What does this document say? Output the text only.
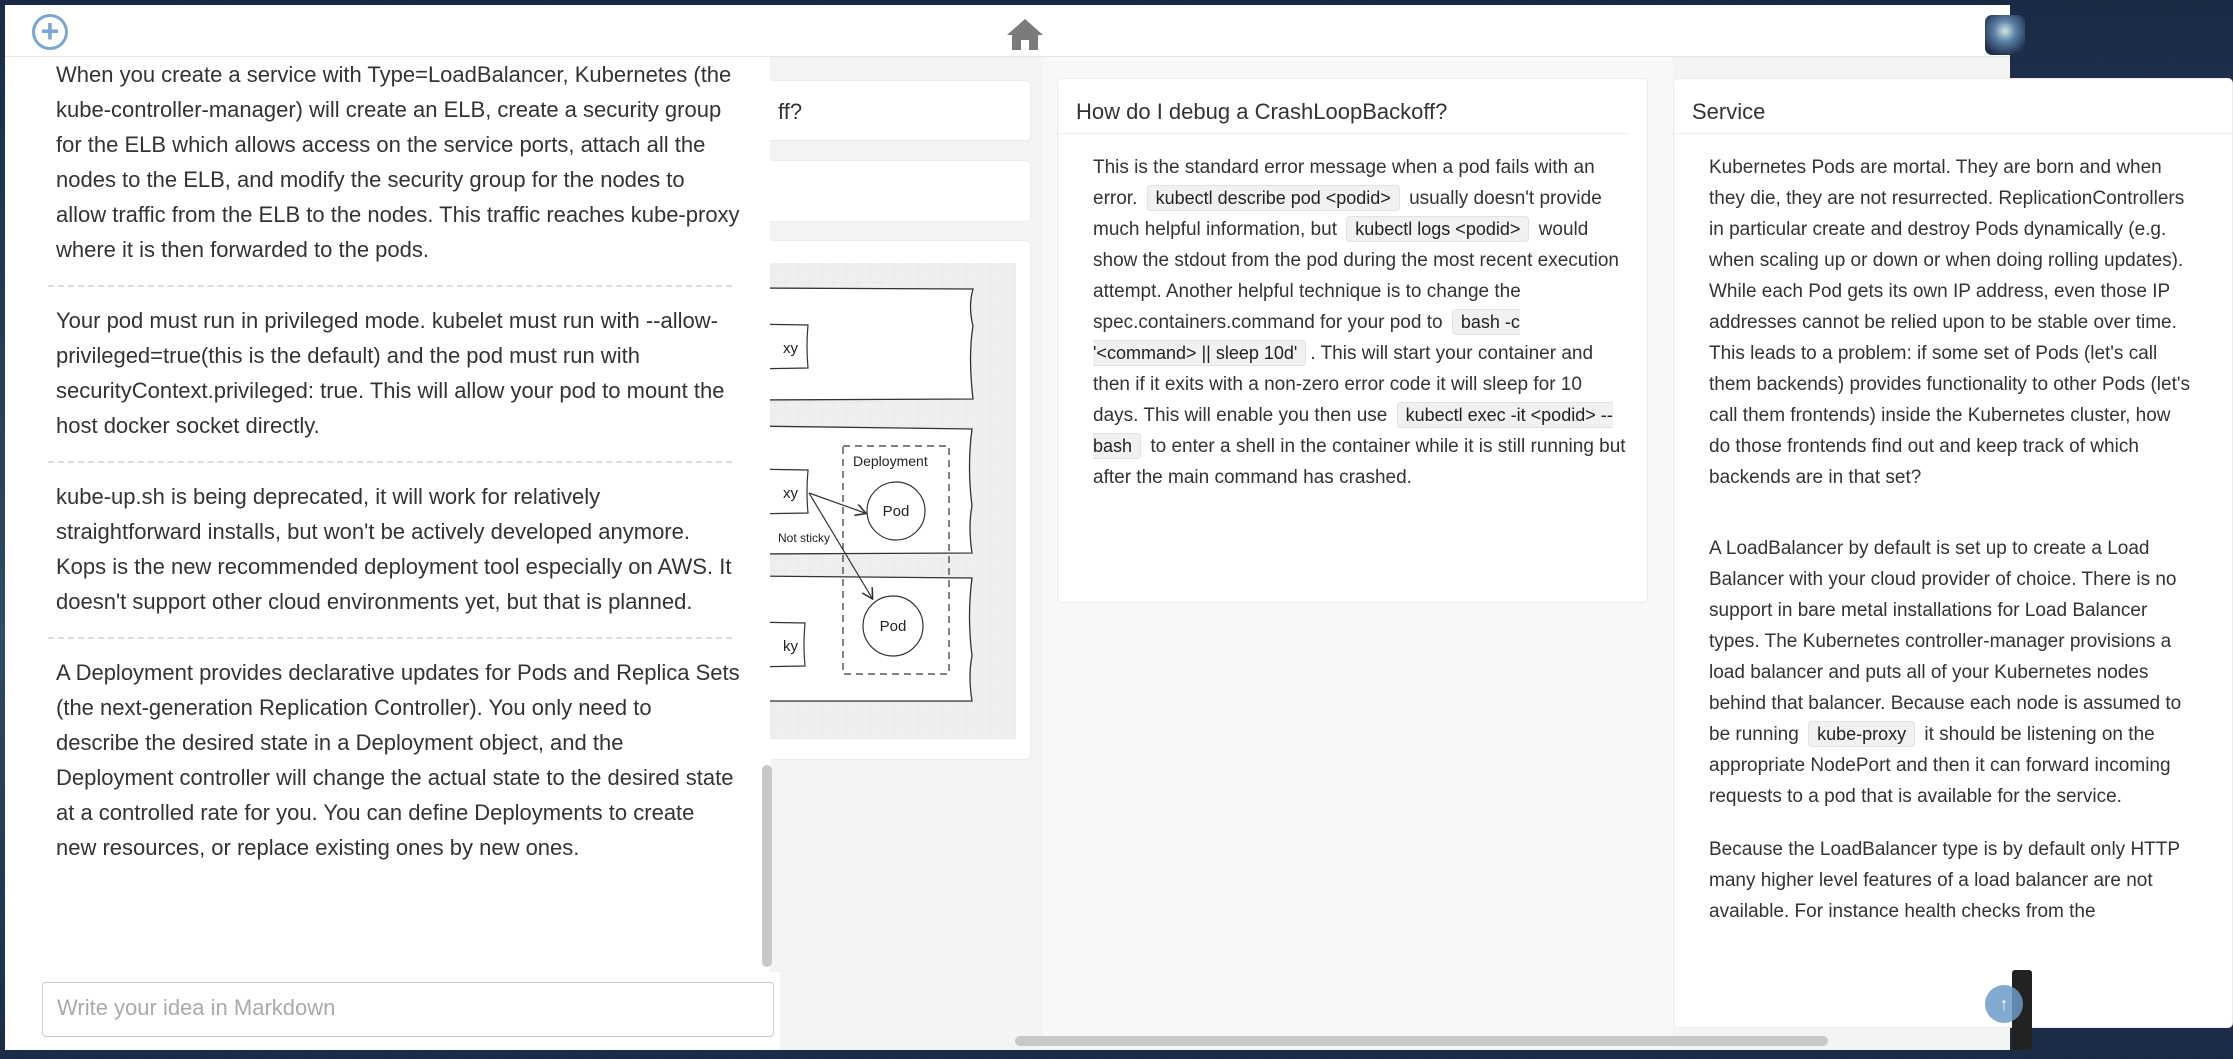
+

When you create a service with Type=LoadBalancer, Kubernetes (the kube-controller-manager) will create an ELB, create a security group for the ELB which allows access on the service ports, attach all the nodes to the ELB, and modify the security group for the nodes to allow traffic from the ELB to the nodes. This traffic reaches kube-proxy where it is then forwarded to the pods.

Your pod must run in privileged mode. kubelet must run with --allow-privileged=true(this is the default) and the pod must run with securityContext.privileged: true. This will allow your pod to mount the host docker socket directly.

kube-up.sh is being deprecated, it will work for relatively straightforward installs, but won't be actively developed anymore. Kops is the new recommended deployment tool especially on AWS. It doesn't support other cloud environments yet, but that is planned.

A Deployment provides declarative updates for Pods and Replica Sets (the next-generation Replication Controller). You only need to describe the desired state in a Deployment object, and the Deployment controller will change the actual state to the desired state at a controlled rate for you. You can define Deployments to create new resources, or replace existing ones by new ones.

Write your idea in Markdown
ff?
xy
xy
ky
Not sticky
Deployment
Pod
Pod
How do I debug a CrashLoopBackoff?
This is the standard error message when a pod fails with an error. kubectl describe pod <podid> usually doesn't provide much helpful information, but kubectl logs <podid> would show the stdout from the pod during the most recent execution attempt. Another helpful technique is to change the spec.containers.command for your pod to bash -c '<command> || sleep 10d' . This will start your container and then if it exits with a non-zero error code it will sleep for 10 days. This will enable you then use kubectl exec -it <podid> -- bash to enter a shell in the container while it is still running but after the main command has crashed.
Service

Kubernetes Pods are mortal. They are born and when they die, they are not resurrected. ReplicationControllers in particular create and destroy Pods dynamically (e.g. when scaling up or down or when doing rolling updates). While each Pod gets its own IP address, even those IP addresses cannot be relied upon to be stable over time. This leads to a problem: if some set of Pods (let's call them backends) provides functionality to other Pods (let's call them frontends) inside the Kubernetes cluster, how do those frontends find out and keep track of which backends are in that set?

A LoadBalancer by default is set up to create a Load Balancer with your cloud provider of choice. There is no support in bare metal installations for Load Balancer types. The Kubernetes controller-manager provisions a load balancer and puts all of your Kubernetes nodes behind that balancer. Because each node is assumed to be running kube-proxy it should be listening on the appropriate NodePort and then it can forward incoming requests to a pod that is available for the service.

Because the LoadBalancer type is by default only HTTP many higher level features of a load balancer are not available. For instance health checks from the

↑
